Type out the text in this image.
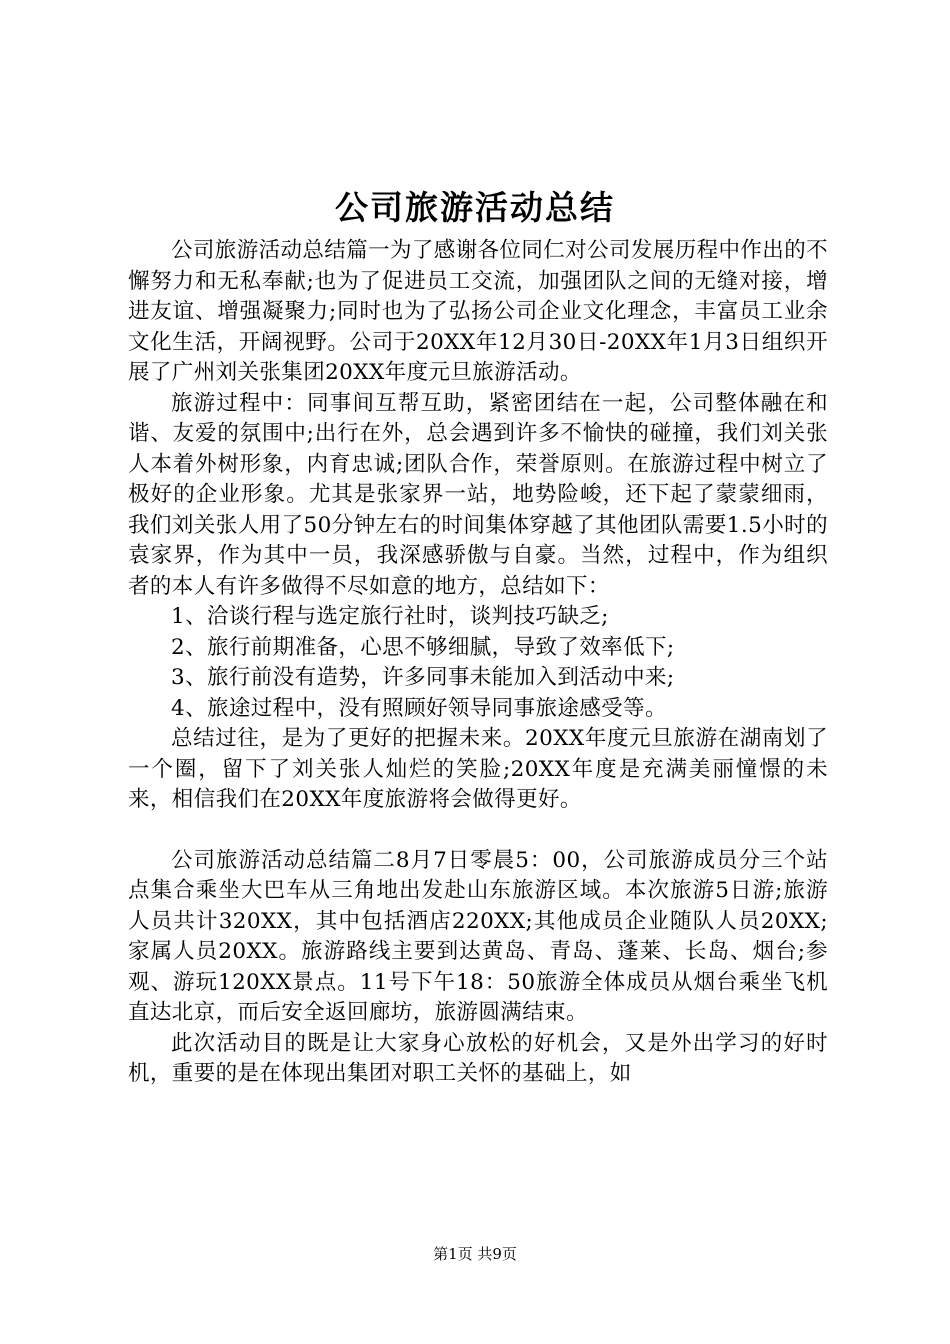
公司旅游活动总结

公司旅游活动总结篇一为了感谢各位同仁对公司发展历程中作出的不懈努力和无私奉献;也为了促进员工交流，加强团队之间的无缝对接，增进友谊、增强凝聚力;同时也为了弘扬公司企业文化理念，丰富员工业余文化生活，开阔视野。公司于20XX年12月30日-20XX年1月3日组织开展了广州刘关张集团20XX年度元旦旅游活动。

旅游过程中：同事间互帮互助，紧密团结在一起，公司整体融在和谐、友爱的氛围中;出行在外，总会遇到许多不愉快的碰撞，我们刘关张人本着外树形象，内育忠诚;团队合作，荣誉原则。在旅游过程中树立了极好的企业形象。尤其是张家界一站，地势险峻，还下起了蒙蒙细雨，我们刘关张人用了50分钟左右的时间集体穿越了其他团队需要1.5小时的袁家界，作为其中一员，我深感骄傲与自豪。当然，过程中，作为组织者的本人有许多做得不尽如意的地方，总结如下：

1、洽谈行程与选定旅行社时，谈判技巧缺乏;

2、旅行前期准备，心思不够细腻，导致了效率低下;

3、旅行前没有造势，许多同事未能加入到活动中来;

4、旅途过程中，没有照顾好领导同事旅途感受等。

总结过往，是为了更好的把握未来。20XX年度元旦旅游在湖南划了一个圈，留下了刘关张人灿烂的笑脸;20XX年度是充满美丽憧憬的未来，相信我们在20XX年度旅游将会做得更好。

公司旅游活动总结篇二8月7日零晨5：00，公司旅游成员分三个站点集合乘坐大巴车从三角地出发赴山东旅游区域。本次旅游5日游;旅游人员共计320XX，其中包括酒店220XX;其他成员企业随队人员20XX;家属人员20XX。旅游路线主要到达黄岛、青岛、蓬莱、长岛、烟台;参观、游玩120XX景点。11号下午18：50旅游全体成员从烟台乘坐飞机直达北京，而后安全返回廊坊，旅游圆满结束。

此次活动目的既是让大家身心放松的好机会，又是外出学习的好时机，重要的是在体现出集团对职工关怀的基础上，如

第1页 共9页
